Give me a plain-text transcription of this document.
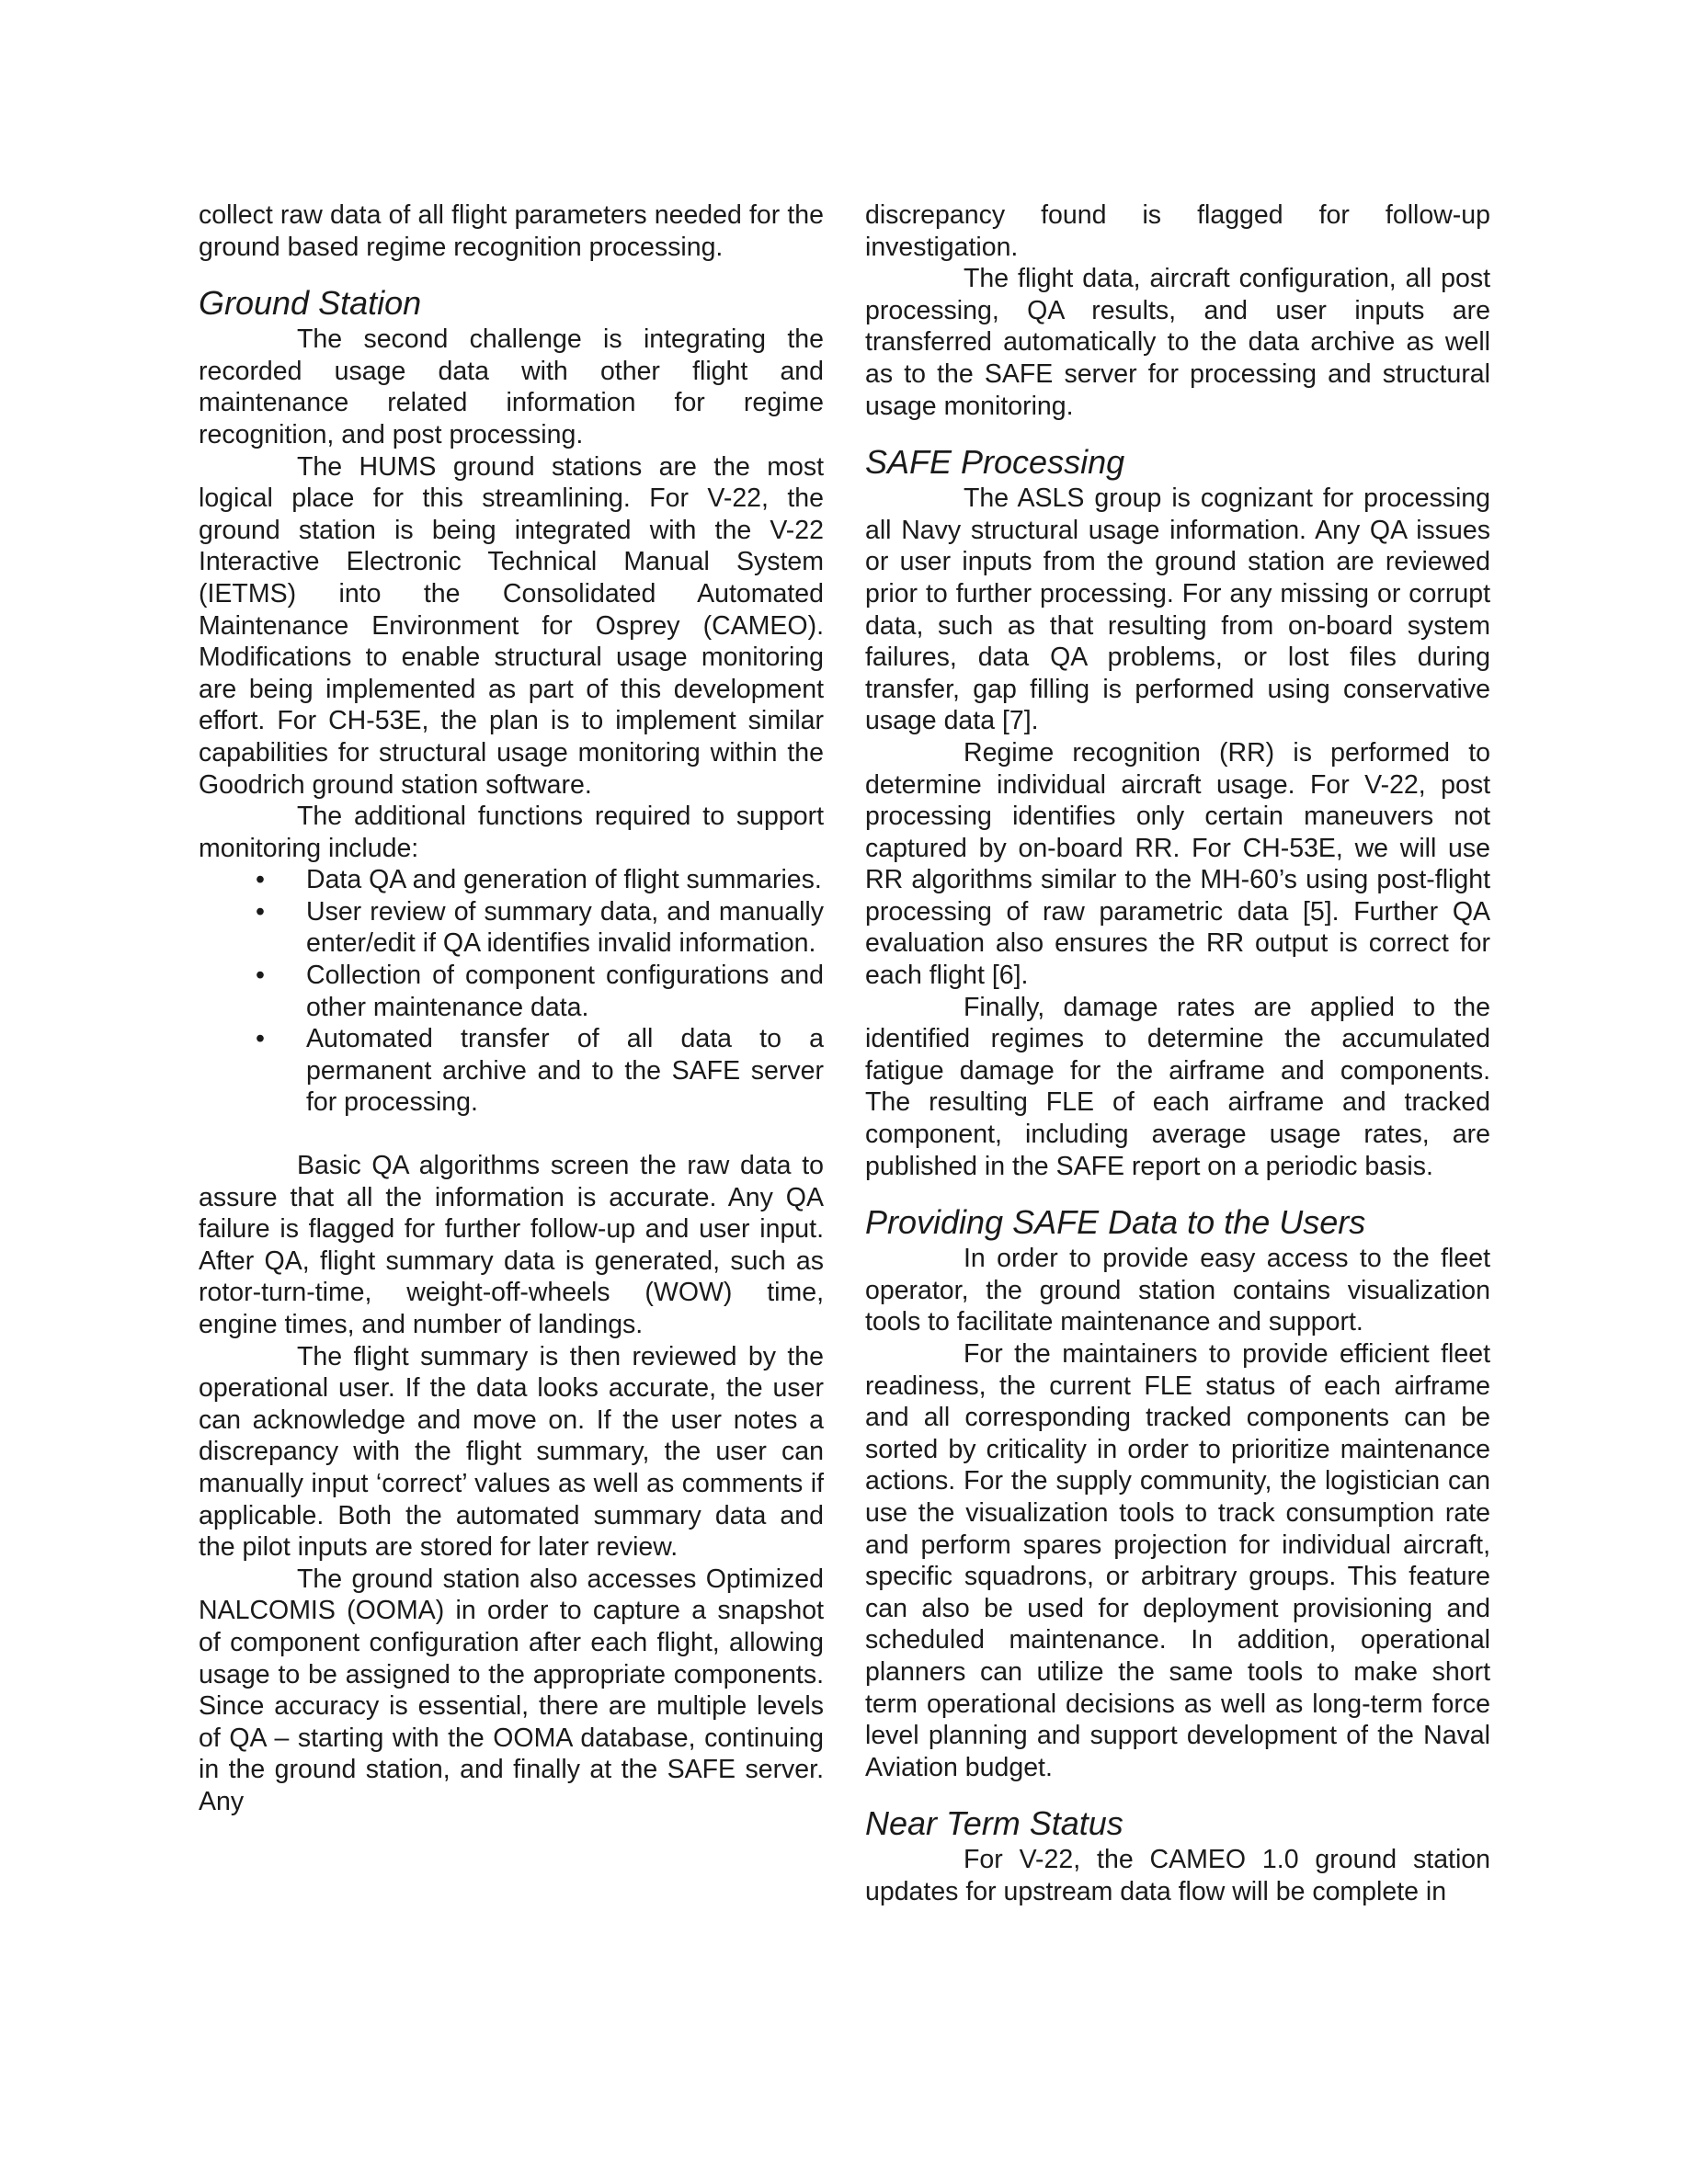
collect raw data of all flight parameters needed for the ground based regime recognition processing.

Ground Station

The second challenge is integrating the recorded usage data with other flight and maintenance related information for regime recognition, and post processing.

The HUMS ground stations are the most logical place for this streamlining. For V-22, the ground station is being integrated with the V-22 Interactive Electronic Technical Manual System (IETMS) into the Consolidated Automated Maintenance Environment for Osprey (CAMEO). Modifications to enable structural usage monitoring are being implemented as part of this development effort. For CH-53E, the plan is to implement similar capabilities for structural usage monitoring within the Goodrich ground station software.

The additional functions required to support monitoring include:

• Data QA and generation of flight summaries.
• User review of summary data, and manually enter/edit if QA identifies invalid information.
• Collection of component configurations and other maintenance data.
• Automated transfer of all data to a permanent archive and to the SAFE server for processing.

Basic QA algorithms screen the raw data to assure that all the information is accurate. Any QA failure is flagged for further follow-up and user input. After QA, flight summary data is generated, such as rotor-turn-time, weight-off-wheels (WOW) time, engine times, and number of landings.

The flight summary is then reviewed by the operational user. If the data looks accurate, the user can acknowledge and move on. If the user notes a discrepancy with the flight summary, the user can manually input ‘correct’ values as well as comments if applicable. Both the automated summary data and the pilot inputs are stored for later review.

The ground station also accesses Optimized NALCOMIS (OOMA) in order to capture a snapshot of component configuration after each flight, allowing usage to be assigned to the appropriate components. Since accuracy is essential, there are multiple levels of QA – starting with the OOMA database, continuing in the ground station, and finally at the SAFE server. Any

discrepancy found is flagged for follow-up investigation.

The flight data, aircraft configuration, all post processing, QA results, and user inputs are transferred automatically to the data archive as well as to the SAFE server for processing and structural usage monitoring.

SAFE Processing

The ASLS group is cognizant for processing all Navy structural usage information. Any QA issues or user inputs from the ground station are reviewed prior to further processing. For any missing or corrupt data, such as that resulting from on-board system failures, data QA problems, or lost files during transfer, gap filling is performed using conservative usage data [7].

Regime recognition (RR) is performed to determine individual aircraft usage. For V-22, post processing identifies only certain maneuvers not captured by on-board RR. For CH-53E, we will use RR algorithms similar to the MH-60’s using post-flight processing of raw parametric data [5]. Further QA evaluation also ensures the RR output is correct for each flight [6].

Finally, damage rates are applied to the identified regimes to determine the accumulated fatigue damage for the airframe and components. The resulting FLE of each airframe and tracked component, including average usage rates, are published in the SAFE report on a periodic basis.

Providing SAFE Data to the Users

In order to provide easy access to the fleet operator, the ground station contains visualization tools to facilitate maintenance and support.

For the maintainers to provide efficient fleet readiness, the current FLE status of each airframe and all corresponding tracked components can be sorted by criticality in order to prioritize maintenance actions. For the supply community, the logistician can use the visualization tools to track consumption rate and perform spares projection for individual aircraft, specific squadrons, or arbitrary groups. This feature can also be used for deployment provisioning and scheduled maintenance. In addition, operational planners can utilize the same tools to make short term operational decisions as well as long-term force level planning and support development of the Naval Aviation budget.

Near Term Status

For V-22, the CAMEO 1.0 ground station updates for upstream data flow will be complete in
